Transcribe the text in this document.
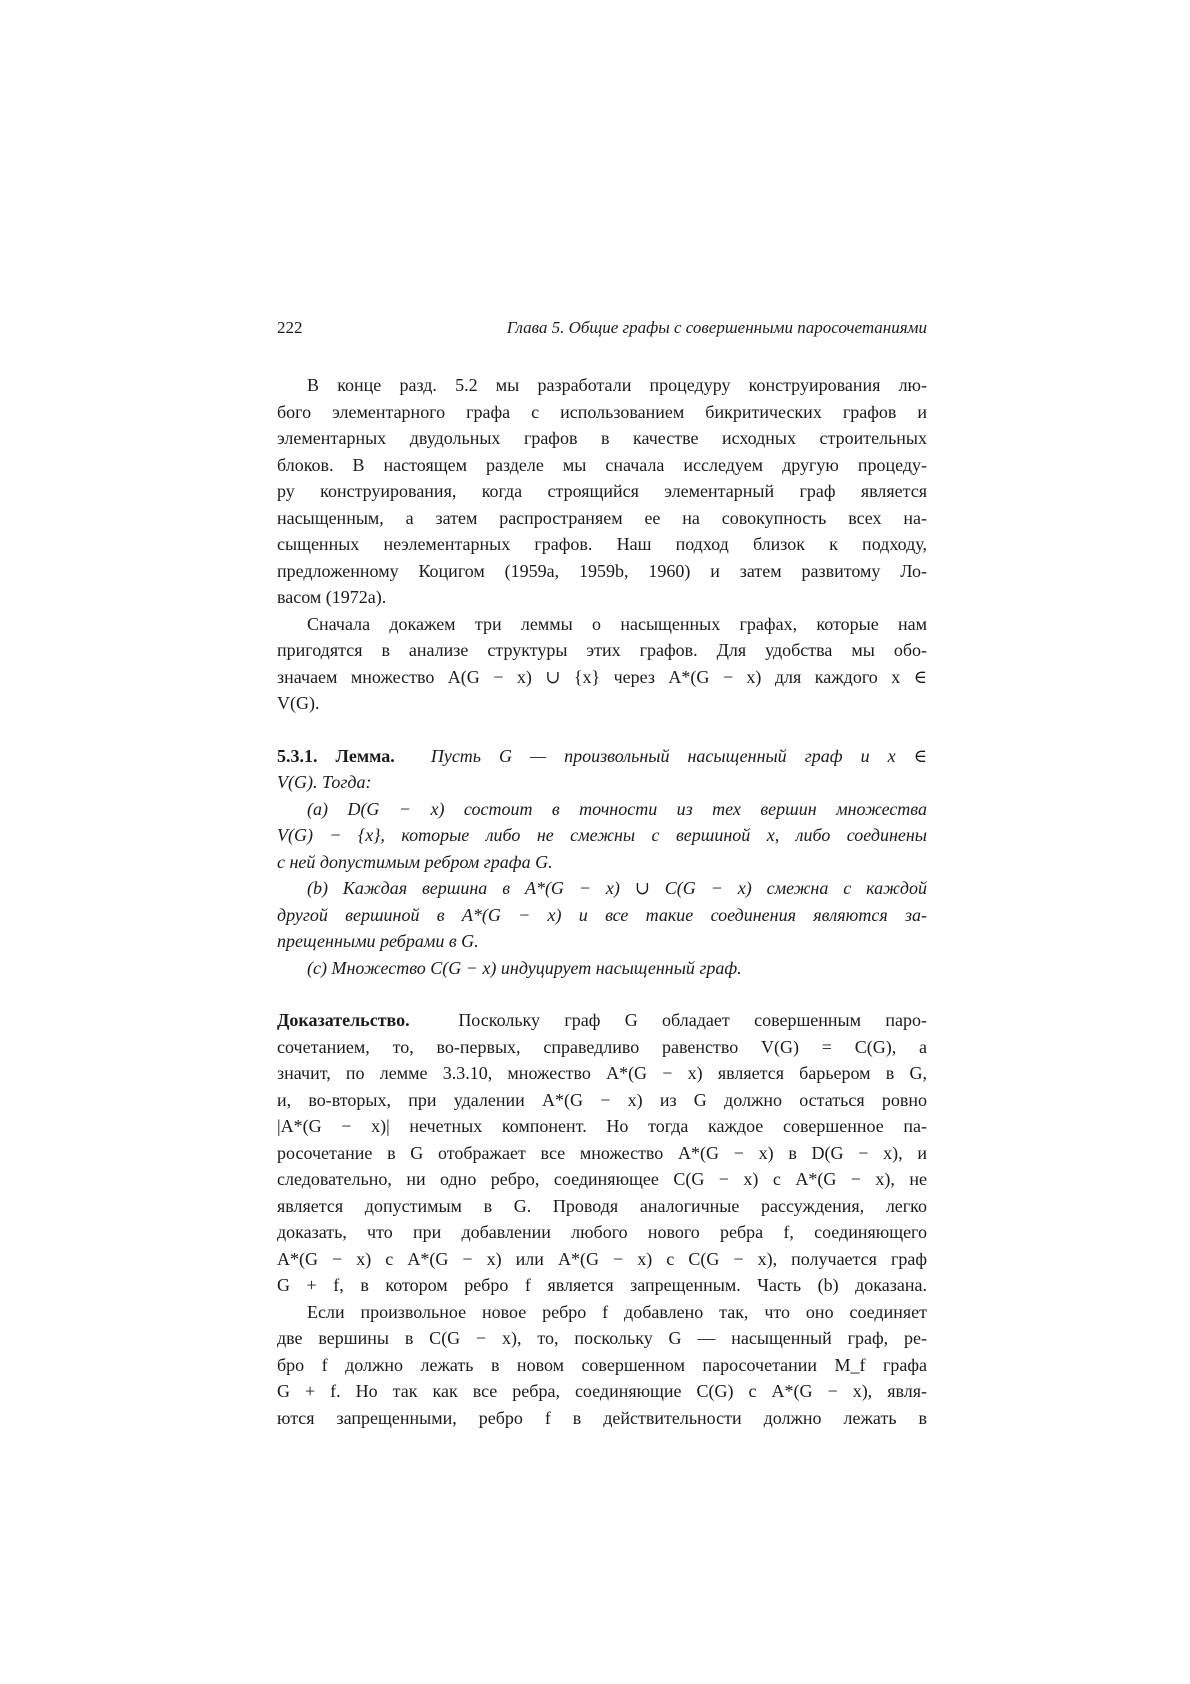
222	Глава 5. Общие графы с совершенными паросочетаниями

В конце разд. 5.2 мы разработали процедуру конструирования лю-
бого элементарного графа с использованием бикритических графов и
элементарных двудольных графов в качестве исходных строительных
блоков. В настоящем разделе мы сначала исследуем другую процеду-
ру конструирования, когда строящийся элементарный граф является
насыщенным, а затем распространяем ее на совокупность всех на-
сыщенных неэлементарных графов. Наш подход близок к подходу,
предложенному Коцигом (1959a, 1959b, 1960) и затем развитому Ло-
васом (1972a).

Сначала докажем три леммы о насыщенных графах, которые нам
пригодятся в анализе структуры этих графов. Для удобства мы обо-
значаем множество A(G − x) ∪ {x} через A*(G − x) для каждого x ∈
V(G).

5.3.1. Лемма. Пусть G — произвольный насыщенный граф и x ∈
V(G). Тогда:
(a) D(G − x) состоит в точности из тех вершин множества
V(G) − {x}, которые либо не смежны с вершиной x, либо соединены
с ней допустимым ребром графа G.
(b) Каждая вершина в A*(G − x) ∪ C(G − x) смежна с каждой
другой вершиной в A*(G − x) и все такие соединения являются за-
прещенными ребрами в G.
(c) Множество C(G − x) индуцирует насыщенный граф.
Доказательство.	Поскольку граф G обладает совершенным паро-
сочетанием, то, во-первых, справедливо равенство V(G) = C(G), а
значит, по лемме 3.3.10, множество A*(G − x) является барьером в G,
и, во-вторых, при удалении A*(G − x) из G должно остаться ровно
|A*(G − x)| нечетных компонент. Но тогда каждое совершенное па-
росочетание в G отображает все множество A*(G − x) в D(G − x), и
следовательно, ни одно ребро, соединяющее C(G − x) с A*(G − x), не
является допустимым в G. Проводя аналогичные рассуждения, легко
доказать, что при добавлении любого нового ребра f, соединяющего
A*(G − x) с A*(G − x) или A*(G − x) с C(G − x), получается граф
G + f, в котором ребро f является запрещенным. Часть (b) доказана.
Если произвольное новое ребро f добавлено так, что оно соединяет
две вершины в C(G − x), то, поскольку G — насыщенный граф, ре-
бро f должно лежать в новом совершенном паросочетании M_f графа
G + f. Но так как все ребра, соединяющие C(G) с A*(G − x), явля-
ются запрещенными, ребро f в действительности должно лежать в
